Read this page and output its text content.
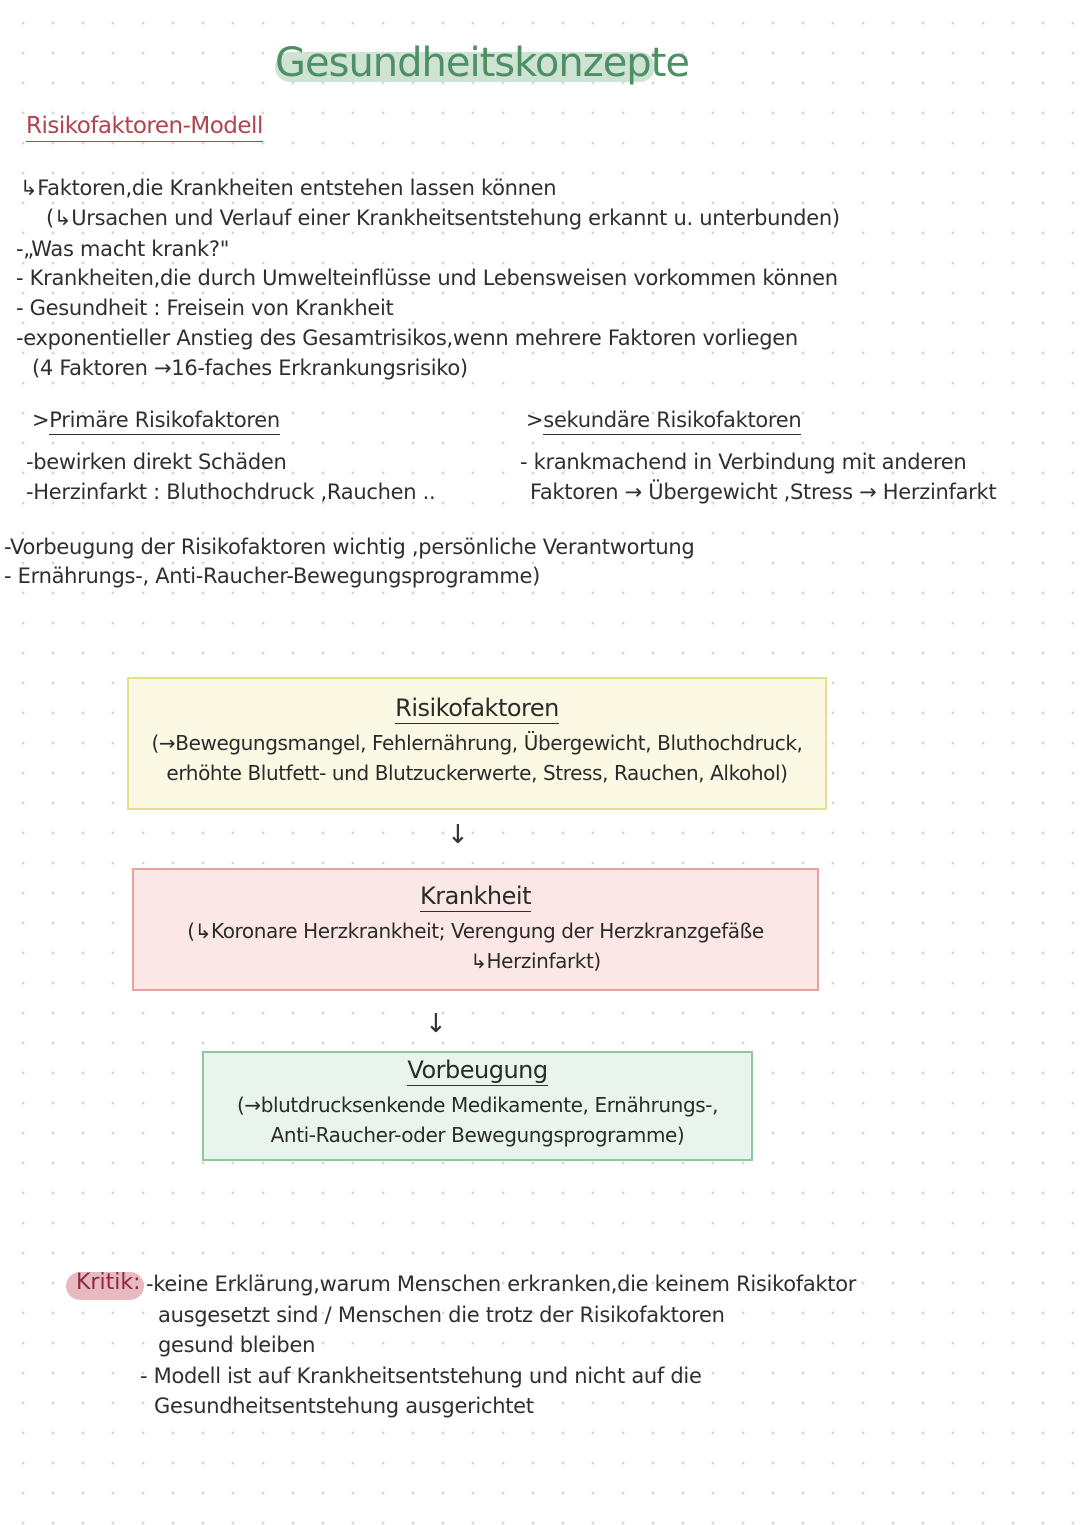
Gesundheitskonzepte
Risikofaktoren-Modell
↳Faktoren,die Krankheiten entstehen lassen können
(↳Ursachen und Verlauf einer Krankheitsentstehung erkannt u. unterbunden)
-„Was macht krank?"
- Krankheiten,die durch Umwelteinflüsse und Lebensweisen vorkommen können
- Gesundheit : Freisein von Krankheit
-exponentieller Anstieg des Gesamtrisikos,wenn mehrere Faktoren vorliegen
(4 Faktoren →16-faches Erkrankungsrisiko)
>Primäre Risikofaktoren
-bewirken direkt Schäden
-Herzinfarkt : Bluthochdruck ,Rauchen ..
>sekundäre Risikofaktoren
- krankmachend in Verbindung mit anderen
Faktoren → Übergewicht ,Stress → Herzinfarkt
-Vorbeugung der Risikofaktoren wichtig ,persönliche Verantwortung
- Ernährungs-, Anti-Raucher-Bewegungsprogramme)
Risikofaktoren
(→Bewegungsmangel, Fehlernährung, Übergewicht, Bluthochdruck,
erhöhte Blutfett- und Blutzuckerwerte, Stress, Rauchen, Alkohol)
↓
Krankheit
(↳Koronare Herzkrankheit; Verengung der Herzkranzgefäße
↳Herzinfarkt)
↓
Vorbeugung
(→blutdrucksenkende Medikamente, Ernährungs-,
Anti-Raucher-oder Bewegungsprogramme)
Kritik: -keine Erklärung,warum Menschen erkranken,die keinem Risikofaktor
ausgesetzt sind / Menschen die trotz der Risikofaktoren
gesund bleiben
- Modell ist auf Krankheitsentstehung und nicht auf die
Gesundheitsentstehung ausgerichtet
